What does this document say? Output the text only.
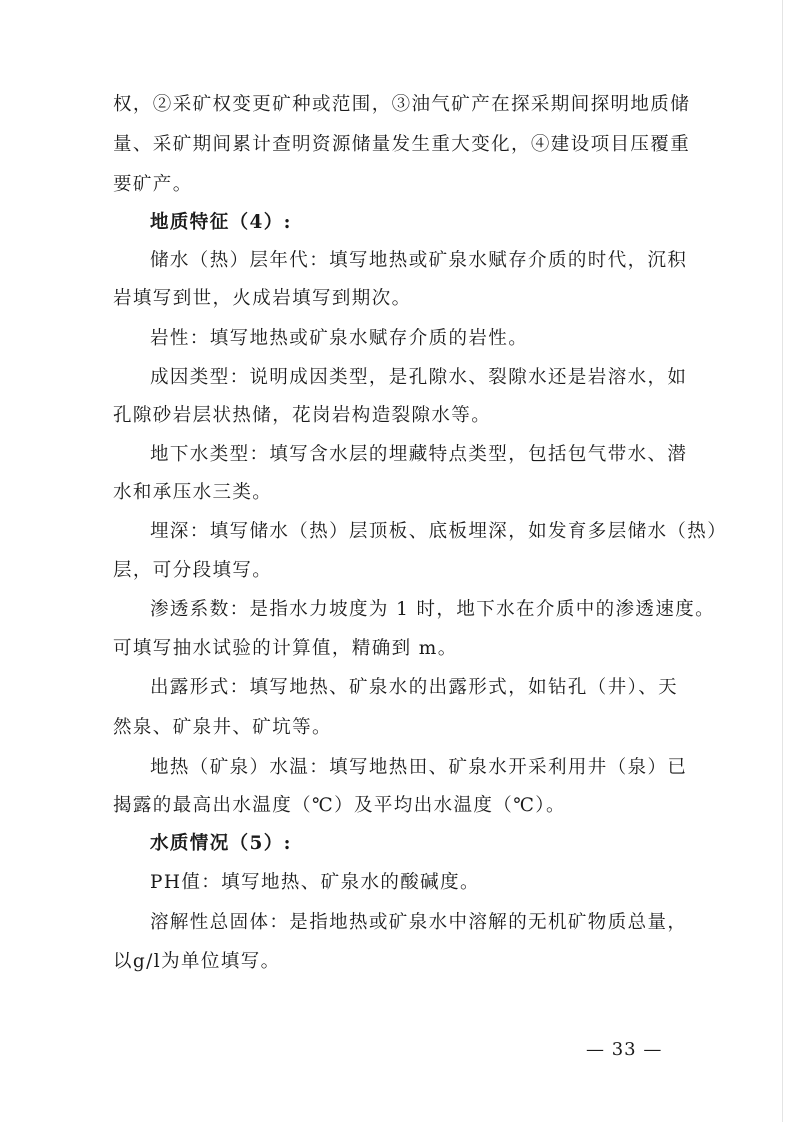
权，②采矿权变更矿种或范围，③油气矿产在探采期间探明地质储
量、采矿期间累计查明资源储量发生重大变化，④建设项目压覆重
要矿产。
地质特征（4）:
储水（热）层年代：填写地热或矿泉水赋存介质的时代，沉积
岩填写到世，火成岩填写到期次。
岩性：填写地热或矿泉水赋存介质的岩性。
成因类型：说明成因类型，是孔隙水、裂隙水还是岩溶水，如
孔隙砂岩层状热储，花岗岩构造裂隙水等。
地下水类型：填写含水层的埋藏特点类型，包括包气带水、潜
水和承压水三类。
埋深：填写储水（热）层顶板、底板埋深，如发育多层储水（热）
层，可分段填写。
渗透系数：是指水力坡度为 1 时，地下水在介质中的渗透速度。
可填写抽水试验的计算值，精确到 m。
出露形式：填写地热、矿泉水的出露形式，如钻孔（井）、天
然泉、矿泉井、矿坑等。
地热（矿泉）水温：填写地热田、矿泉水开采利用井（泉）已
揭露的最高出水温度（℃）及平均出水温度（℃）。
水质情况（5）:
PH值：填写地热、矿泉水的酸碱度。
溶解性总固体：是指地热或矿泉水中溶解的无机矿物质总量，
以g/l为单位填写。
— 33 —
